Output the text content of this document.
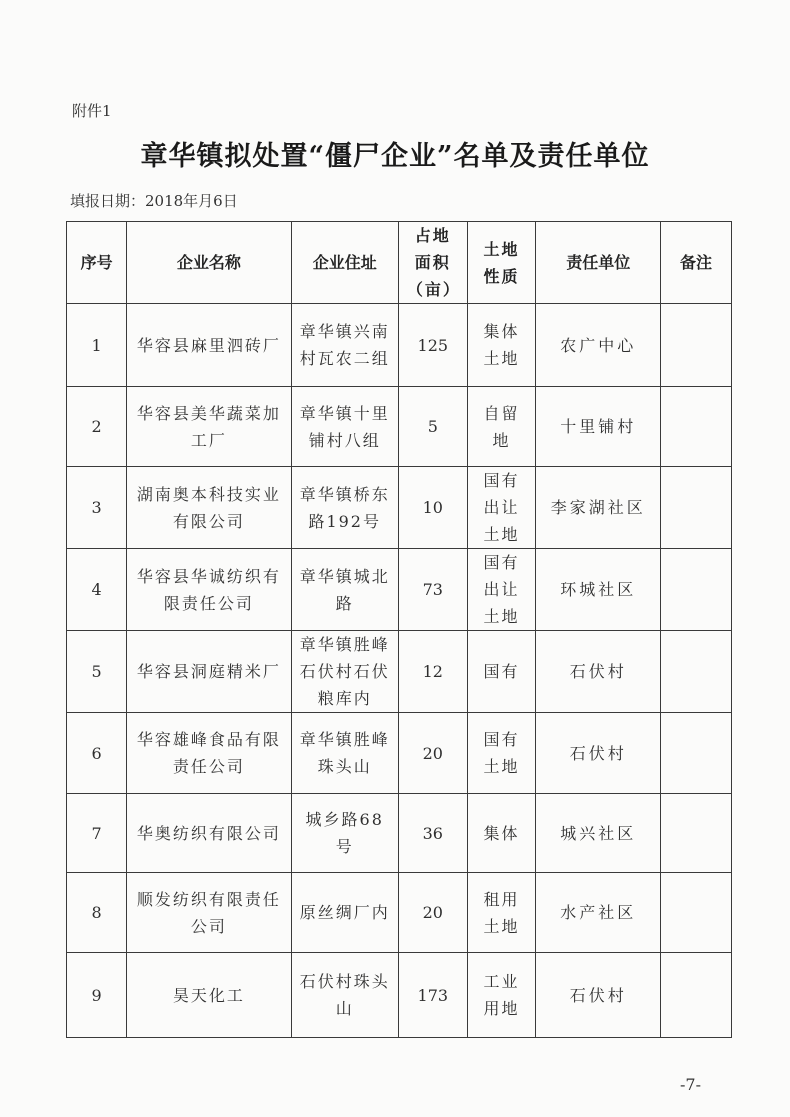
附件1
章华镇拟处置“僵尸企业”名单及责任单位
填报日期：2018年月6日
序号	企业名称	企业住址	占地面积（亩）	土地性质	责任单位	备注
1	华容县麻里泗砖厂	章华镇兴南村瓦农二组	125	集体土地	农广中心	
2	华容县美华蔬菜加工厂	章华镇十里铺村八组	5	自留地	十里铺村	
3	湖南奥本科技实业有限公司	章华镇桥东路192号	10	国有出让土地	李家湖社区	
4	华容县华诚纺织有限责任公司	章华镇城北路	73	国有出让土地	环城社区	
5	华容县洞庭精米厂	章华镇胜峰石伏村石伏粮库内	12	国有	石伏村	
6	华容雄峰食品有限责任公司	章华镇胜峰珠头山	20	国有土地	石伏村	
7	华奥纺织有限公司	城乡路68号	36	集体	城兴社区	
8	顺发纺织有限责任公司	原丝绸厂内	20	租用土地	水产社区	
9	昊天化工	石伏村珠头山	173	工业用地	石伏村	
-7-
